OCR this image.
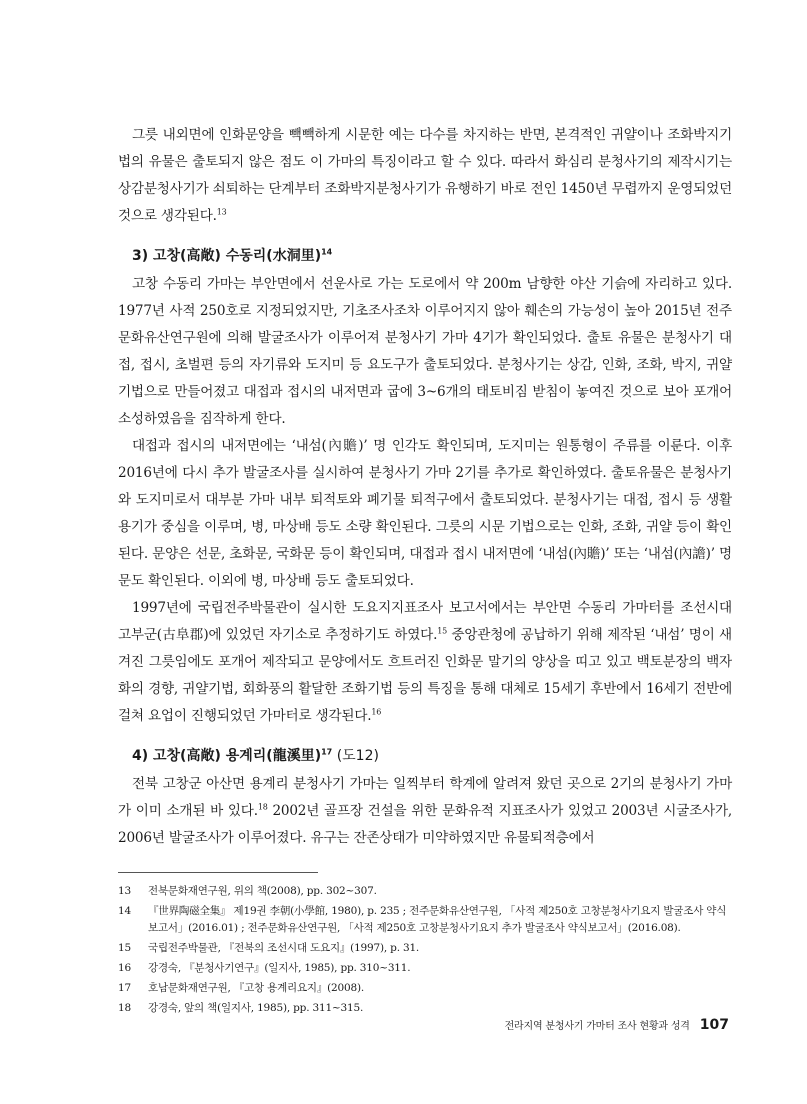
그릇 내외면에 인화문양을 빽빽하게 시문한 예는 다수를 차지하는 반면, 본격적인 귀얄이나 조화박지기법의 유물은 출토되지 않은 점도 이 가마의 특징이라고 할 수 있다. 따라서 화심리 분청사기의 제작시기는 상감분청사기가 쇠퇴하는 단계부터 조화박지분청사기가 유행하기 바로 전인 1450년 무렵까지 운영되었던 것으로 생각된다.$^{13}$

3) 고창(高敞) 수동리(水洞里)$^{14}$

고창 수동리 가마는 부안면에서 선운사로 가는 도로에서 약 200m 남향한 야산 기슭에 자리하고 있다. 1977년 사적 250호로 지정되었지만, 기초조사조차 이루어지지 않아 훼손의 가능성이 높아 2015년 전주문화유산연구원에 의해 발굴조사가 이루어져 분청사기 가마 4기가 확인되었다. 출토 유물은 분청사기 대접, 접시, 초벌편 등의 자기류와 도지미 등 요도구가 출토되었다. 분청사기는 상감, 인화, 조화, 박지, 귀얄기법으로 만들어졌고 대접과 접시의 내저면과 굽에 3~6개의 태토비짐 받침이 놓여진 것으로 보아 포개어 소성하였음을 짐작하게 한다.

대접과 접시의 내저면에는 ‘내섬(內贍)’ 명 인각도 확인되며, 도지미는 원통형이 주류를 이룬다. 이후 2016년에 다시 추가 발굴조사를 실시하여 분청사기 가마 2기를 추가로 확인하였다. 출토유물은 분청사기와 도지미로서 대부분 가마 내부 퇴적토와 폐기물 퇴적구에서 출토되었다. 분청사기는 대접, 접시 등 생활용기가 중심을 이루며, 병, 마상배 등도 소량 확인된다. 그릇의 시문 기법으로는 인화, 조화, 귀얄 등이 확인된다. 문양은 선문, 초화문, 국화문 등이 확인되며, 대접과 접시 내저면에 ‘내섬(內贍)’ 또는 ‘내섬(內譫)’ 명문도 확인된다. 이외에 병, 마상배 등도 출토되었다.

1997년에 국립전주박물관이 실시한 도요지지표조사 보고서에서는 부안면 수동리 가마터를 조선시대 고부군(古阜郡)에 있었던 자기소로 추정하기도 하였다.$^{15}$ 중앙관청에 공납하기 위해 제작된 ‘내섬’ 명이 새겨진 그릇임에도 포개어 제작되고 문양에서도 흐트러진 인화문 말기의 양상을 띠고 있고 백토분장의 백자화의 경향, 귀얄기법, 회화풍의 활달한 조화기법 등의 특징을 통해 대체로 15세기 후반에서 16세기 전반에 걸쳐 요업이 진행되었던 가마터로 생각된다.$^{16}$

4) 고창(高敞) 용계리(龍溪里)$^{17}$ (도12)

전북 고창군 아산면 용계리 분청사기 가마는 일찍부터 학계에 알려져 왔던 곳으로 2기의 분청사기 가마가 이미 소개된 바 있다.$^{18}$ 2002년 골프장 건설을 위한 문화유적 지표조사가 있었고 2003년 시굴조사가, 2006년 발굴조사가 이루어졌다. 유구는 잔존상태가 미약하였지만 유물퇴적층에서

13	전북문화재연구원, 위의 책(2008), pp. 302~307.
14	『世界陶磁全集』 제19권 李朝(小學館, 1980), p. 235 ; 전주문화유산연구원, 「사적 제250호 고창분청사기요지 발굴조사 약식보고서」(2016.01) ; 전주문화유산연구원, 「사적 제250호 고창분청사기요지 추가 발굴조사 약식보고서」(2016.08).
15	국립전주박물관, 『전북의 조선시대 도요지』(1997), p. 31.
16	강경숙, 『분청사기연구』(일지사, 1985), pp. 310~311.
17	호남문화재연구원, 『고창 용계리요지』(2008).
18	강경숙, 앞의 책(일지사, 1985), pp. 311~315.
전라지역 분청사기 가마터 조사 현황과 성격 107
